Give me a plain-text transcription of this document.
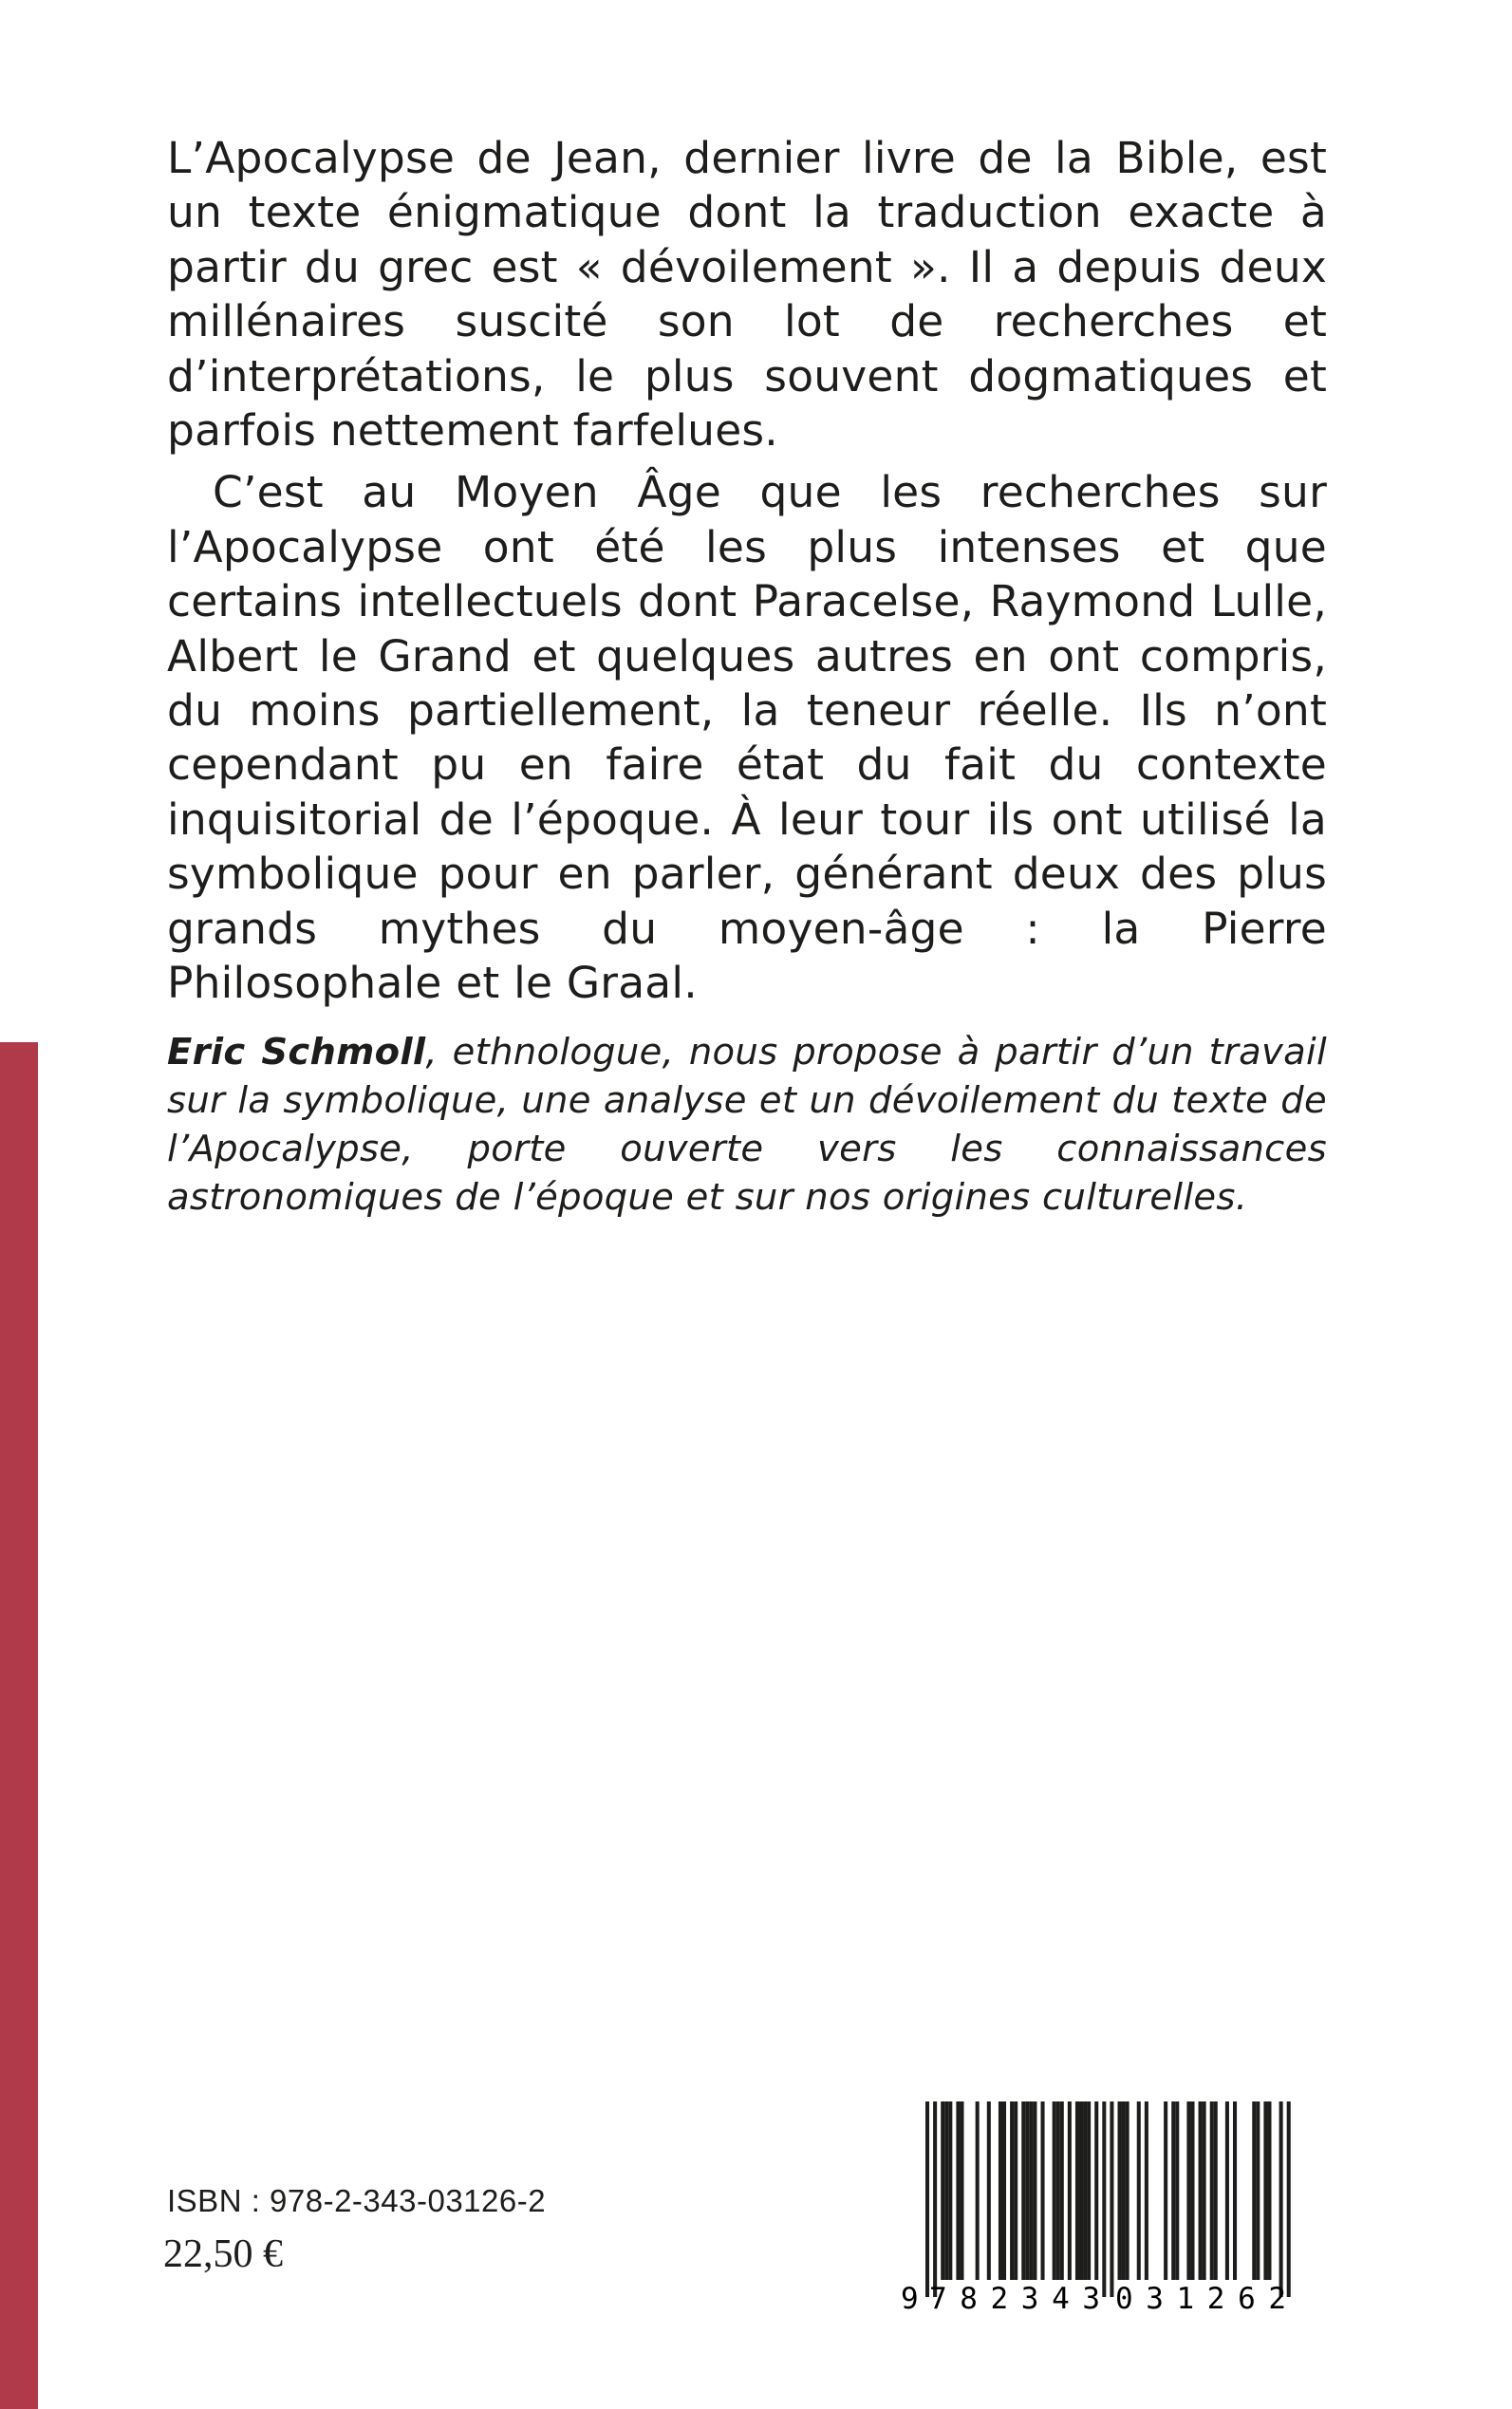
L’Apocalypse de Jean, dernier livre de la Bible, est un texte énigmatique dont la traduction exacte à partir du grec est « dévoilement ». Il a depuis deux millénaires suscité son lot de recherches et d’interprétations, le plus souvent dogmatiques et parfois nettement farfelues.

C’est au Moyen Âge que les recherches sur l’Apocalypse ont été les plus intenses et que certains intellectuels dont Paracelse, Raymond Lulle, Albert le Grand et quelques autres en ont compris, du moins partiellement, la teneur réelle. Ils n’ont cependant pu en faire état du fait du contexte inquisitorial de l’époque. À leur tour ils ont utilisé la symbolique pour en parler, générant deux des plus grands mythes du moyen-âge : la Pierre Philosophale et le Graal.

Eric Schmoll, ethnologue, nous propose à partir d’un travail sur la symbolique, une analyse et un dévoilement du texte de l’Apocalypse, porte ouverte vers les connaissances astronomiques de l’époque et sur nos origines culturelles.
ISBN : 978-2-343-03126-2
22,50 €
9 782343 031262
